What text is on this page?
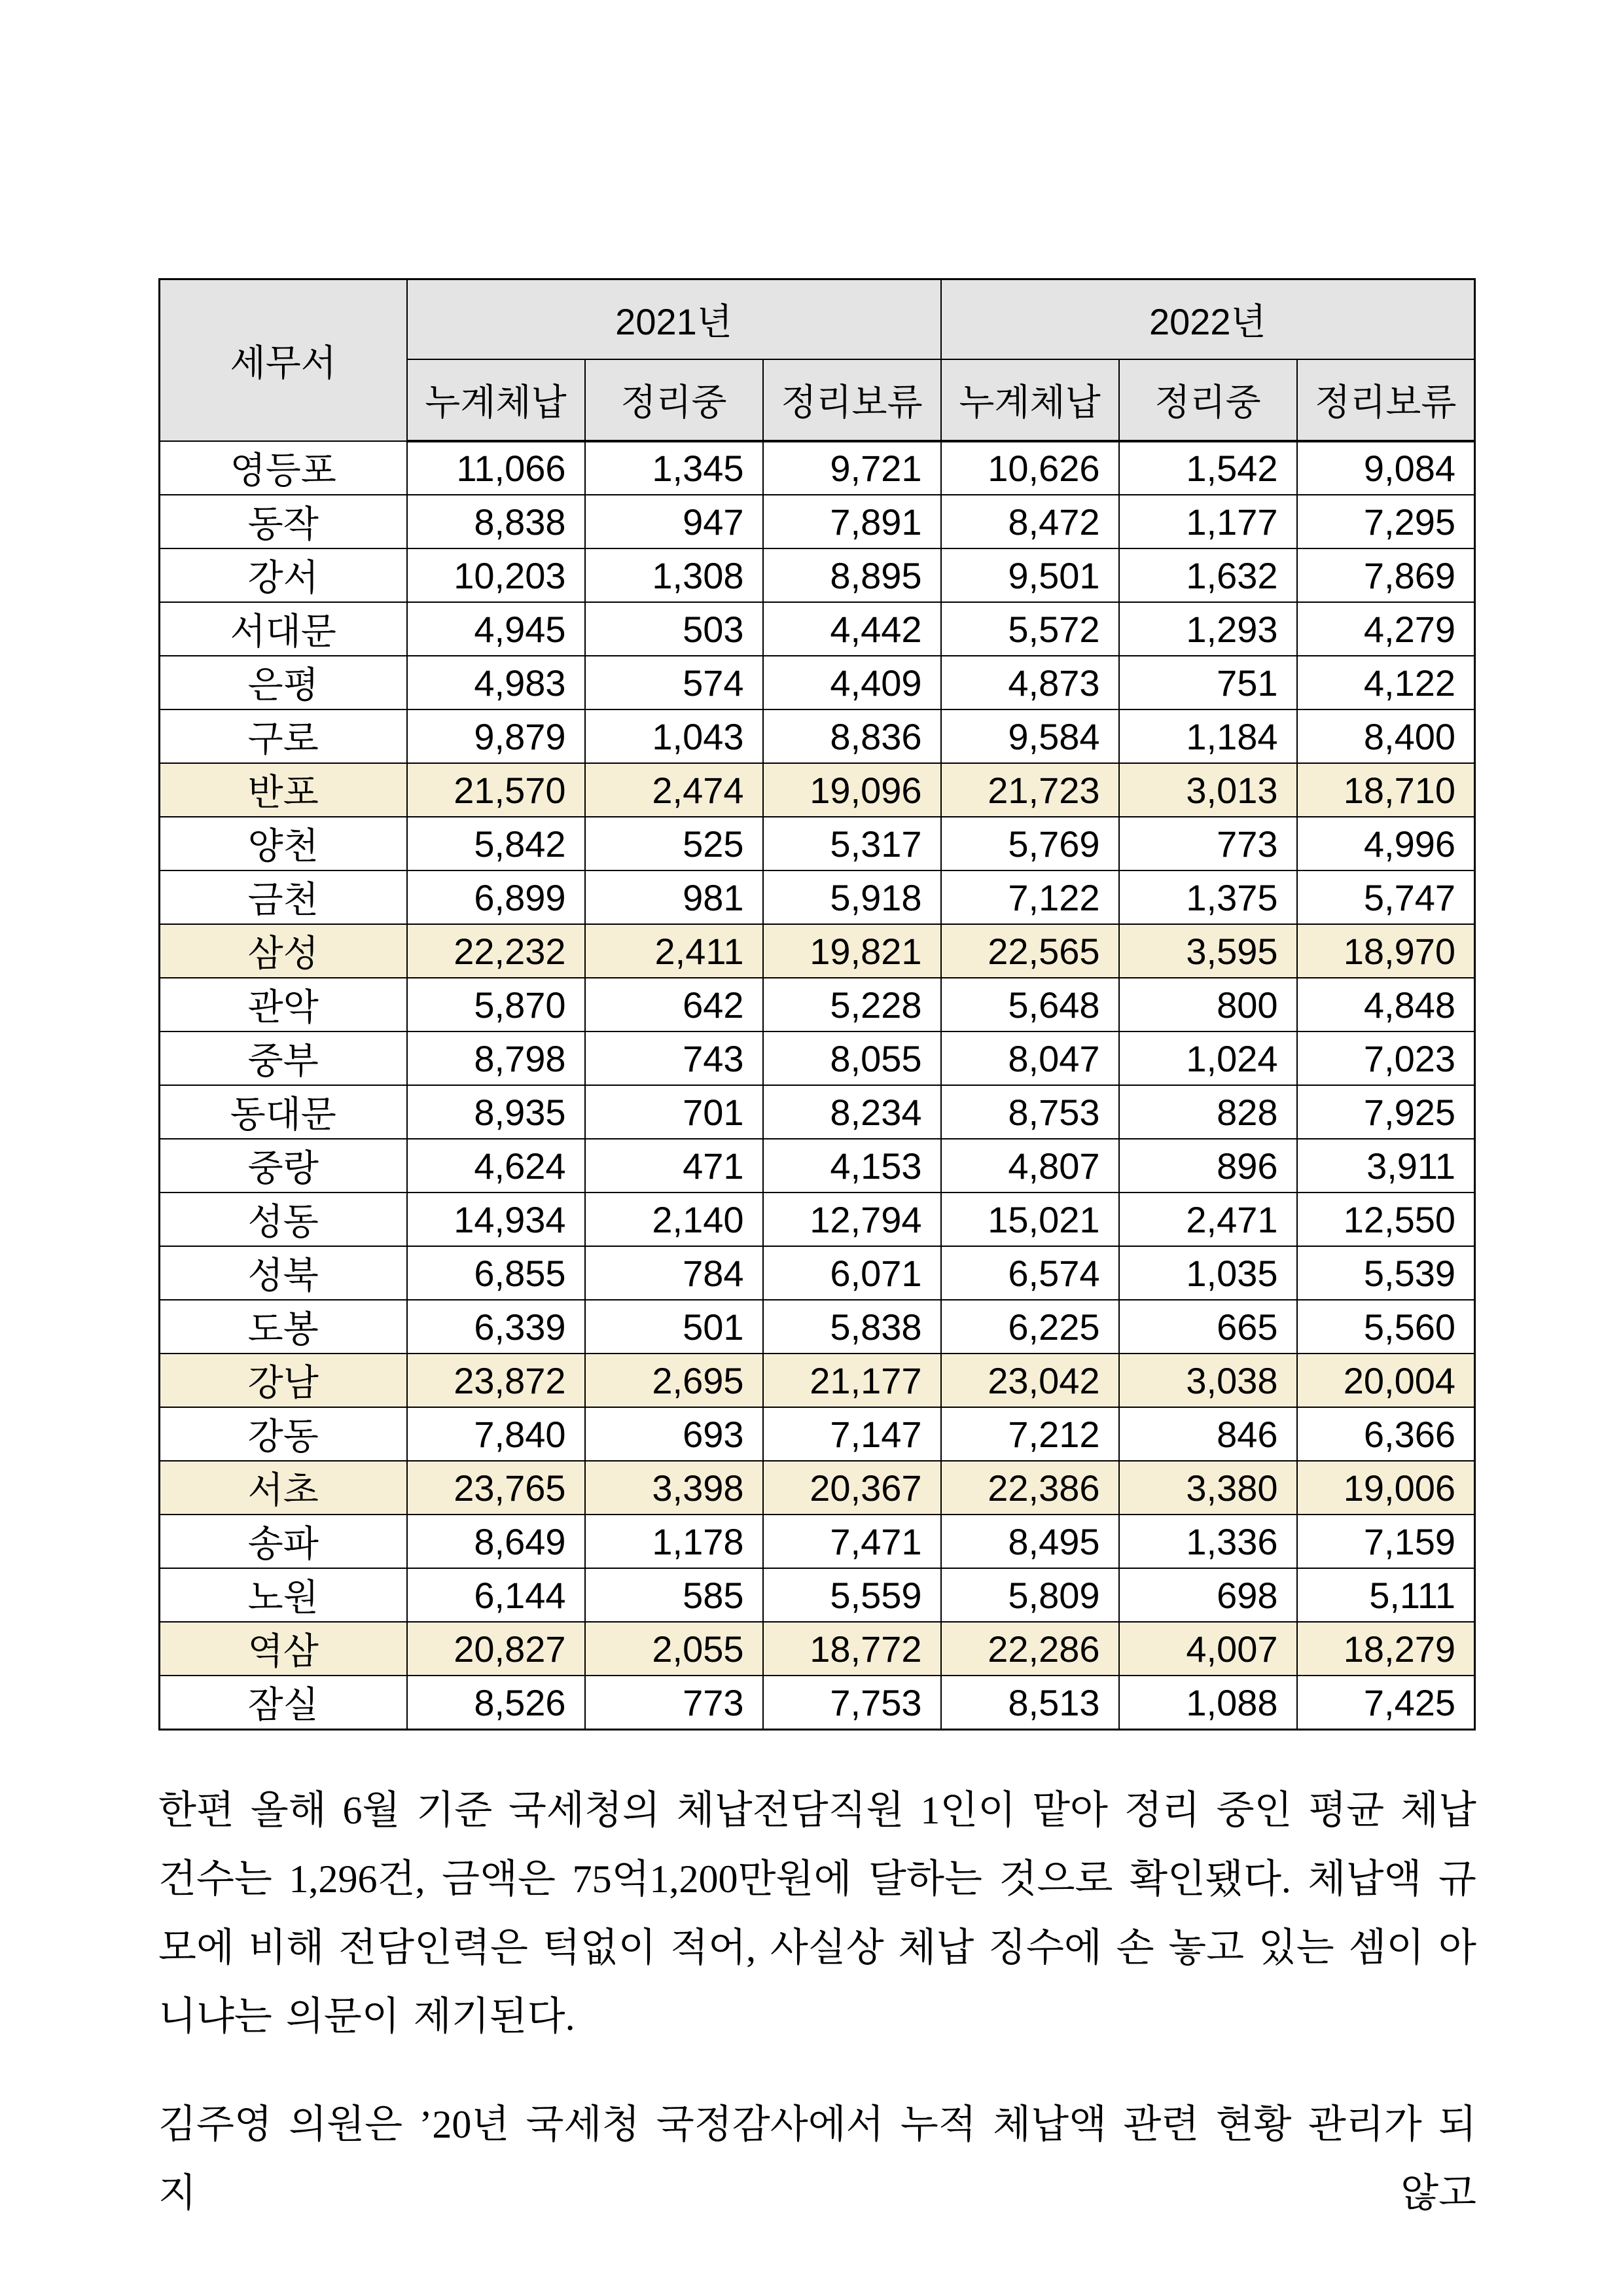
세무서	2021년			2022년		
	누계체납	정리중	정리보류	누계체납	정리중	정리보류
영등포	11,066	1,345	9,721	10,626	1,542	9,084
동작	8,838	947	7,891	8,472	1,177	7,295
강서	10,203	1,308	8,895	9,501	1,632	7,869
서대문	4,945	503	4,442	5,572	1,293	4,279
은평	4,983	574	4,409	4,873	751	4,122
구로	9,879	1,043	8,836	9,584	1,184	8,400
반포	21,570	2,474	19,096	21,723	3,013	18,710
양천	5,842	525	5,317	5,769	773	4,996
금천	6,899	981	5,918	7,122	1,375	5,747
삼성	22,232	2,411	19,821	22,565	3,595	18,970
관악	5,870	642	5,228	5,648	800	4,848
중부	8,798	743	8,055	8,047	1,024	7,023
동대문	8,935	701	8,234	8,753	828	7,925
중랑	4,624	471	4,153	4,807	896	3,911
성동	14,934	2,140	12,794	15,021	2,471	12,550
성북	6,855	784	6,071	6,574	1,035	5,539
도봉	6,339	501	5,838	6,225	665	5,560
강남	23,872	2,695	21,177	23,042	3,038	20,004
강동	7,840	693	7,147	7,212	846	6,366
서초	23,765	3,398	20,367	22,386	3,380	19,006
송파	8,649	1,178	7,471	8,495	1,336	7,159
노원	6,144	585	5,559	5,809	698	5,111
역삼	20,827	2,055	18,772	22,286	4,007	18,279
잠실	8,526	773	7,753	8,513	1,088	7,425

한편 올해 6월 기준 국세청의 체납전담직원 1인이 맡아 정리 중인 평균 체납건수는 1,296건, 금액은 75억1,200만원에 달하는 것으로 확인됐다. 체납액 규모에 비해 전담인력은 턱없이 적어, 사실상 체납 징수에 손 놓고 있는 셈이 아니냐는 의문이 제기된다.

김주영 의원은 ’20년 국세청 국정감사에서 누적 체납액 관련 현황 관리가 되지 않고
